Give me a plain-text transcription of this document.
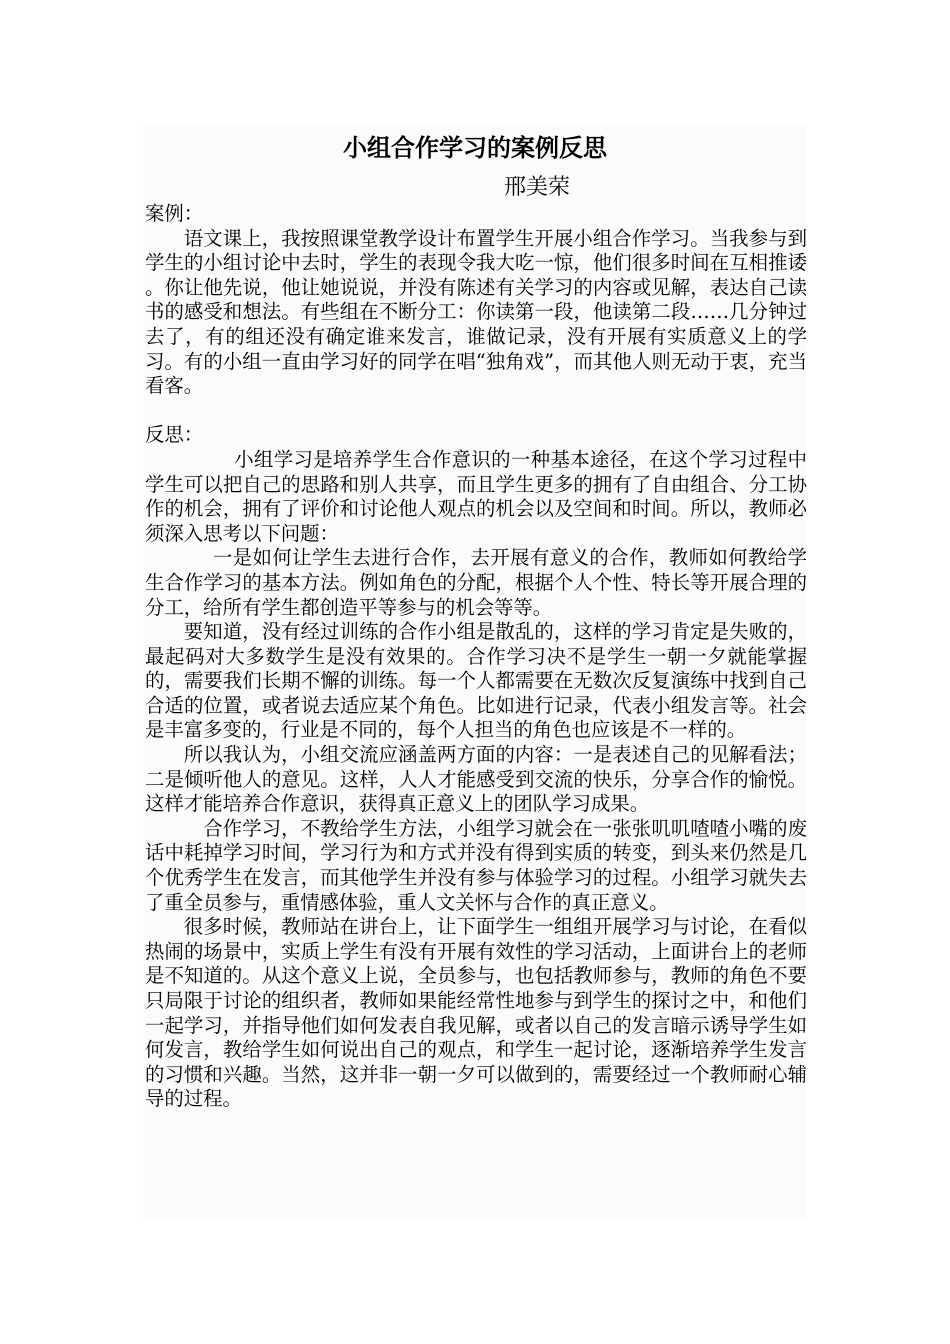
小组合作学习的案例反思

邢美荣

案例：

语文课上，我按照课堂教学设计布置学生开展小组合作学习。当我参与到学生的小组讨论中去时，学生的表现令我大吃一惊，他们很多时间在互相推诿 。你让他先说，他让她说说，并没有陈述有关学习的内容或见解，表达自己读书的感受和想法。有些组在不断分工：你读第一段，他读第二段……几分钟过去了，有的组还没有确定谁来发言，谁做记录，没有开展有实质意义上的学习。有的小组一直由学习好的同学在唱“独角戏”，而其他人则无动于衷，充当看客。

反思：

小组学习是培养学生合作意识的一种基本途径，在这个学习过程中学生可以把自己的思路和别人共享，而且学生更多的拥有了自由组合、分工协作的机会，拥有了评价和讨论他人观点的机会以及空间和时间。所以，教师必须深入思考以下问题：

一是如何让学生去进行合作，去开展有意义的合作，教师如何教给学生合作学习的基本方法。例如角色的分配，根据个人个性、特长等开展合理的分工，给所有学生都创造平等参与的机会等等。

要知道，没有经过训练的合作小组是散乱的，这样的学习肯定是失败的，最起码对大多数学生是没有效果的。合作学习决不是学生一朝一夕就能掌握的，需要我们长期不懈的训练。每一个人都需要在无数次反复演练中找到自己合适的位置，或者说去适应某个角色。比如进行记录，代表小组发言等。社会是丰富多变的，行业是不同的，每个人担当的角色也应该是不一样的。

所以我认为，小组交流应涵盖两方面的内容：一是表述自己的见解看法；二是倾听他人的意见。这样，人人才能感受到交流的快乐，分享合作的愉悦。这样才能培养合作意识，获得真正意义上的团队学习成果。

合作学习，不教给学生方法，小组学习就会在一张张叽叽喳喳小嘴的废话中耗掉学习时间，学习行为和方式并没有得到实质的转变，到头来仍然是几个优秀学生在发言，而其他学生并没有参与体验学习的过程。小组学习就失去了重全员参与，重情感体验，重人文关怀与合作的真正意义。

很多时候，教师站在讲台上，让下面学生一组组开展学习与讨论，在看似热闹的场景中，实质上学生有没有开展有效性的学习活动，上面讲台上的老师是不知道的。从这个意义上说，全员参与，也包括教师参与，教师的角色不要只局限于讨论的组织者，教师如果能经常性地参与到学生的探讨之中，和他们一起学习，并指导他们如何发表自我见解，或者以自己的发言暗示诱导学生如何发言，教给学生如何说出自己的观点，和学生一起讨论，逐渐培养学生发言的习惯和兴趣。当然，这并非一朝一夕可以做到的，需要经过一个教师耐心辅导的过程。
